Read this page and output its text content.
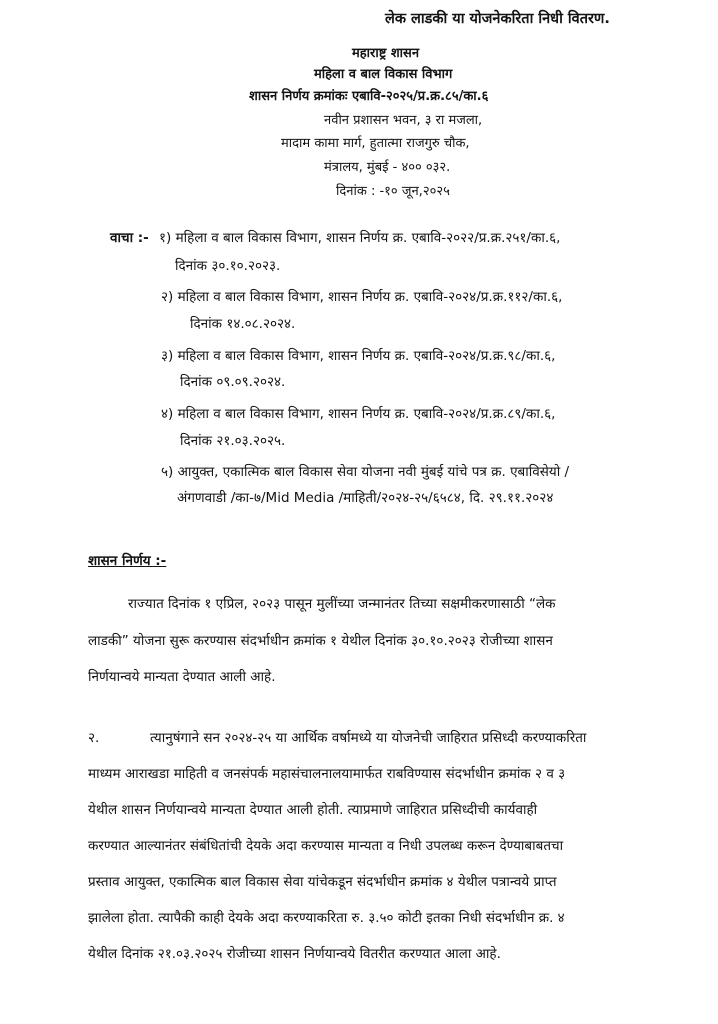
लेक लाडकी या योजनेकरिता निधी वितरण.
महाराष्ट्र शासन
महिला व बाल विकास विभाग
शासन निर्णय क्रमांकः एबावि-२०२५/प्र.क्र.८५/का.६
नवीन प्रशासन भवन, ३ रा मजला,
मादाम कामा मार्ग, हुतात्मा राजगुरु चौक,
मंत्रालय, मुंबई - ४०० ०३२.
दिनांक : -१० जून,२०२५
वाचा :- १) महिला व बाल विकास विभाग, शासन निर्णय क्र. एबावि-२०२२/प्र.क्र.२५१/का.६,
दिनांक ३०.१०.२०२३.
२) महिला व बाल विकास विभाग, शासन निर्णय क्र. एबावि-२०२४/प्र.क्र.११२/का.६,
दिनांक १४.०८.२०२४.
३) महिला व बाल विकास विभाग, शासन निर्णय क्र. एबावि-२०२४/प्र.क्र.९८/का.६,
दिनांक ०९.०९.२०२४.
४) महिला व बाल विकास विभाग, शासन निर्णय क्र. एबावि-२०२४/प्र.क्र.८९/का.६,
दिनांक २१.०३.२०२५.
५) आयुक्त, एकात्मिक बाल विकास सेवा योजना नवी मुंबई यांचे पत्र क्र. एबाविसेयो /
अंगणवाडी /का-७/Mid Media /माहिती/२०२४-२५/६५८४, दि. २९.११.२०२४
शासन निर्णय :-
राज्यात दिनांक १ एप्रिल, २०२३ पासून मुलींच्या जन्मानंतर तिच्या सक्षमीकरणासाठी “लेक
लाडकी” योजना सुरू करण्यास संदर्भाधीन क्रमांक १ येथील दिनांक ३०.१०.२०२३ रोजीच्या शासन
निर्णयान्वये मान्यता देण्यात आली आहे.
२.	त्यानुषंगाने सन २०२४-२५ या आर्थिक वर्षामध्ये या योजनेची जाहिरात प्रसिध्दी करण्याकरिता
माध्यम आराखडा माहिती व जनसंपर्क महासंचालनालयामार्फत राबविण्यास संदर्भाधीन क्रमांक २ व ३
येथील शासन निर्णयान्वये मान्यता देण्यात आली होती. त्याप्रमाणे जाहिरात प्रसिध्दीची कार्यवाही
करण्यात आल्यानंतर संबंधितांची देयके अदा करण्यास मान्यता व निधी उपलब्ध करून देण्याबाबतचा
प्रस्ताव आयुक्त, एकात्मिक बाल विकास सेवा यांचेकडून संदर्भाधीन क्रमांक ४ येथील पत्रान्वये प्राप्त
झालेला होता. त्यापैकी काही देयके अदा करण्याकरिता रु. ३.५० कोटी इतका निधी संदर्भाधीन क्र. ४
येथील दिनांक २१.०३.२०२५ रोजीच्या शासन निर्णयान्वये वितरीत करण्यात आला आहे.
